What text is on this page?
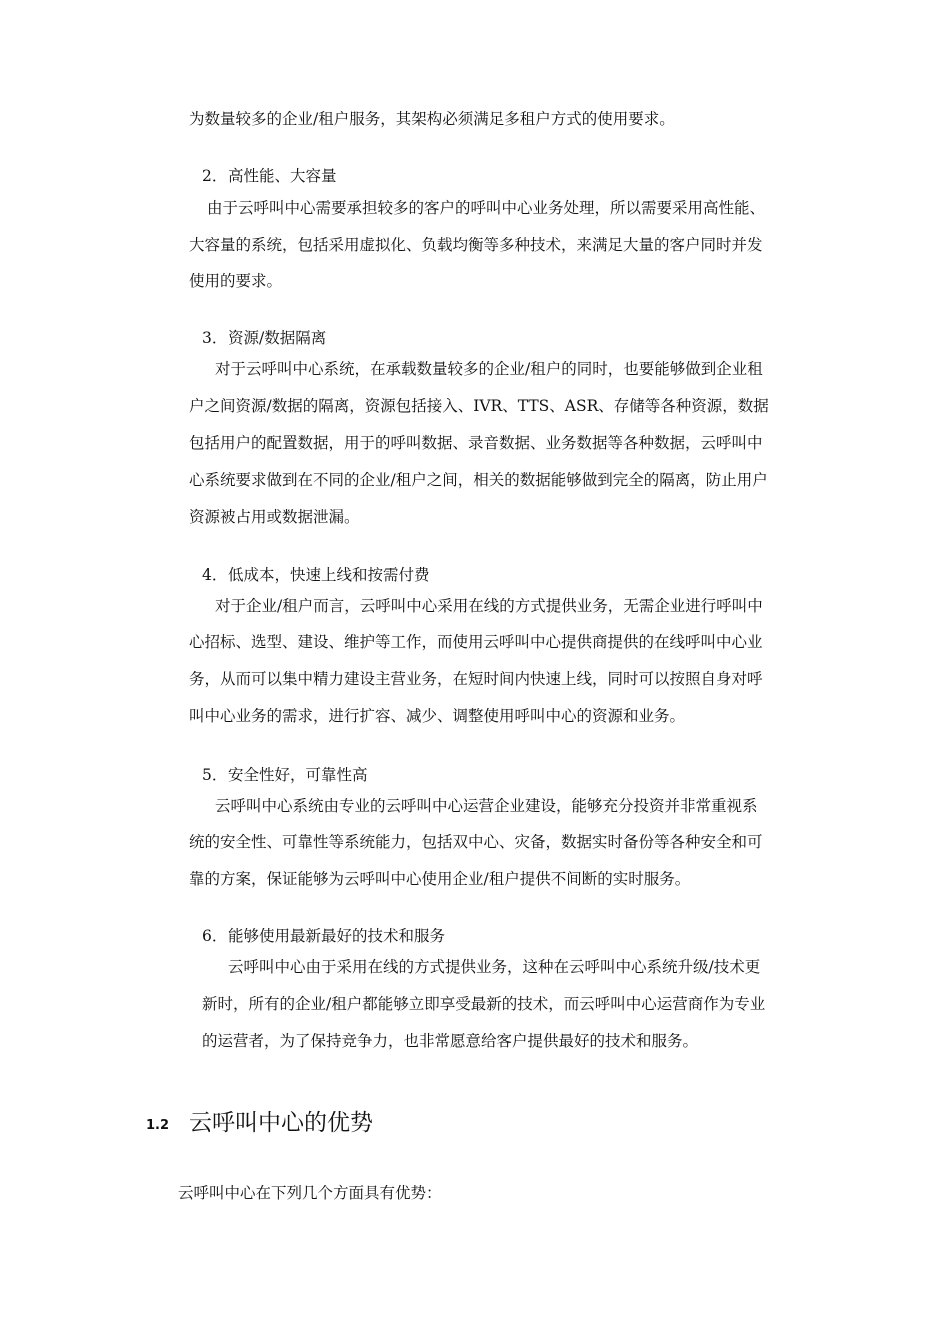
为数量较多的企业/租户服务，其架构必须满足多租户方式的使用要求。
2．高性能、大容量
由于云呼叫中心需要承担较多的客户的呼叫中心业务处理，所以需要采用高性能、
大容量的系统，包括采用虚拟化、负载均衡等多种技术，来满足大量的客户同时并发
使用的要求。
3．资源/数据隔离
对于云呼叫中心系统，在承载数量较多的企业/租户的同时，也要能够做到企业租
户之间资源/数据的隔离，资源包括接入、IVR、TTS、ASR、存储等各种资源，数据
包括用户的配置数据，用于的呼叫数据、录音数据、业务数据等各种数据，云呼叫中
心系统要求做到在不同的企业/租户之间，相关的数据能够做到完全的隔离，防止用户
资源被占用或数据泄漏。
4．低成本，快速上线和按需付费
对于企业/租户而言，云呼叫中心采用在线的方式提供业务，无需企业进行呼叫中
心招标、选型、建设、维护等工作，而使用云呼叫中心提供商提供的在线呼叫中心业
务，从而可以集中精力建设主营业务，在短时间内快速上线，同时可以按照自身对呼
叫中心业务的需求，进行扩容、减少、调整使用呼叫中心的资源和业务。
5．安全性好，可靠性高
云呼叫中心系统由专业的云呼叫中心运营企业建设，能够充分投资并非常重视系
统的安全性、可靠性等系统能力，包括双中心、灾备，数据实时备份等各种安全和可
靠的方案，保证能够为云呼叫中心使用企业/租户提供不间断的实时服务。
6．能够使用最新最好的技术和服务
云呼叫中心由于采用在线的方式提供业务，这种在云呼叫中心系统升级/技术更
新时，所有的企业/租户都能够立即享受最新的技术，而云呼叫中心运营商作为专业
的运营者，为了保持竞争力，也非常愿意给客户提供最好的技术和服务。
1.2 云呼叫中心的优势
云呼叫中心在下列几个方面具有优势：
